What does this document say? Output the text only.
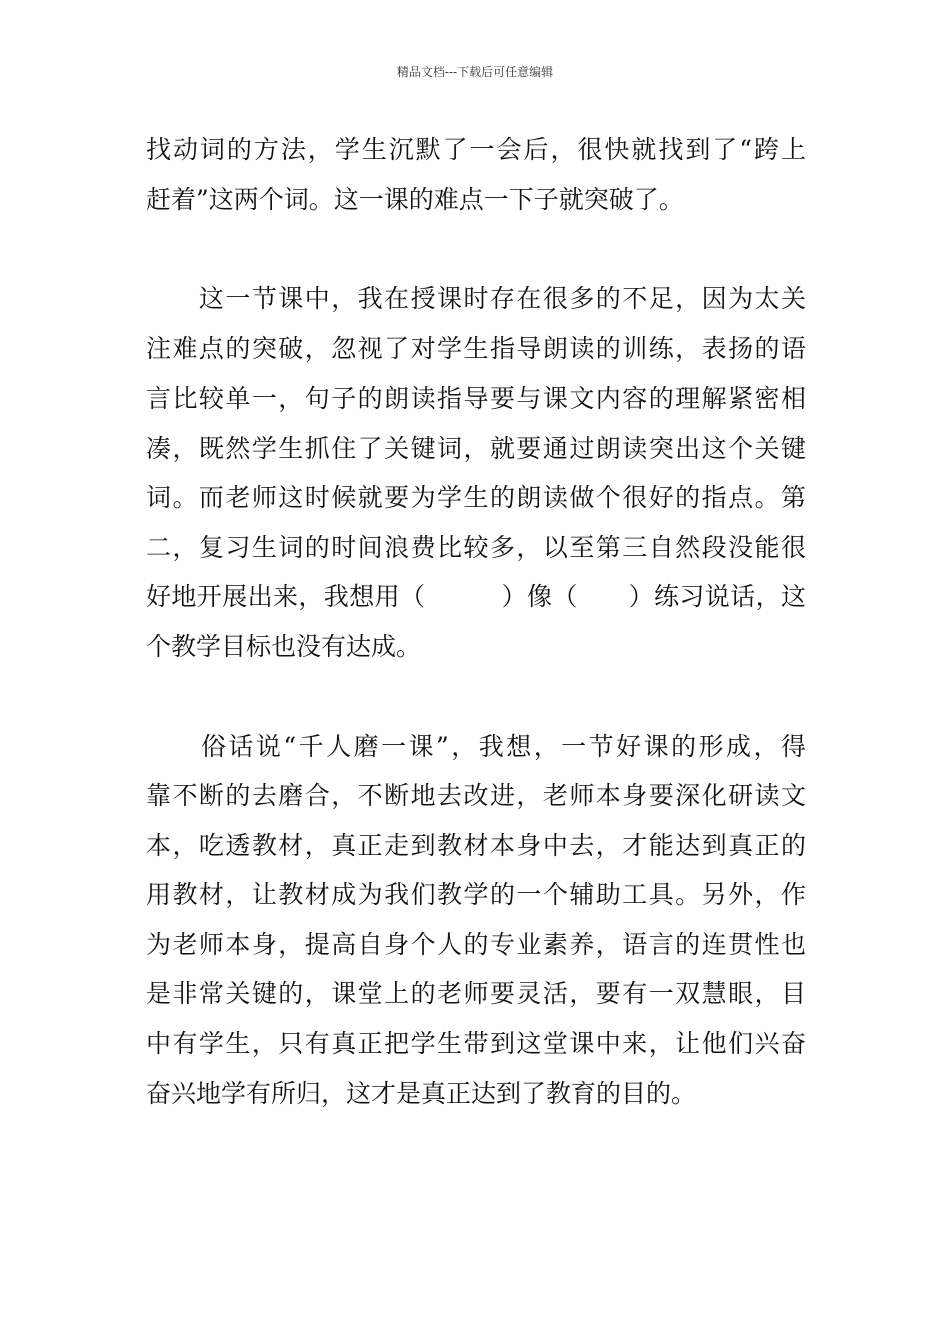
精品文档---下载后可任意编辑
找动词的方法，学生沉默了一会后，很快就找到了“跨上
赶着”这两个词。这一课的难点一下子就突破了。
　　这一节课中，我在授课时存在很多的不足，因为太关
注难点的突破，忽视了对学生指导朗读的训练，表扬的语
言比较单一，句子的朗读指导要与课文内容的理解紧密相
凑，既然学生抓住了关键词，就要通过朗读突出这个关键
词。而老师这时候就要为学生的朗读做个很好的指点。第
二，复习生词的时间浪费比较多，以至第三自然段没能很
好地开展出来，我想用（　　　）像（　　）练习说话，这
个教学目标也没有达成。
　　俗话说“千人磨一课”，我想，一节好课的形成，得
靠不断的去磨合，不断地去改进，老师本身要深化研读文
本，吃透教材，真正走到教材本身中去，才能达到真正的
用教材，让教材成为我们教学的一个辅助工具。另外，作
为老师本身，提高自身个人的专业素养，语言的连贯性也
是非常关键的，课堂上的老师要灵活，要有一双慧眼，目
中有学生，只有真正把学生带到这堂课中来，让他们兴奋
奋兴地学有所归，这才是真正达到了教育的目的。
